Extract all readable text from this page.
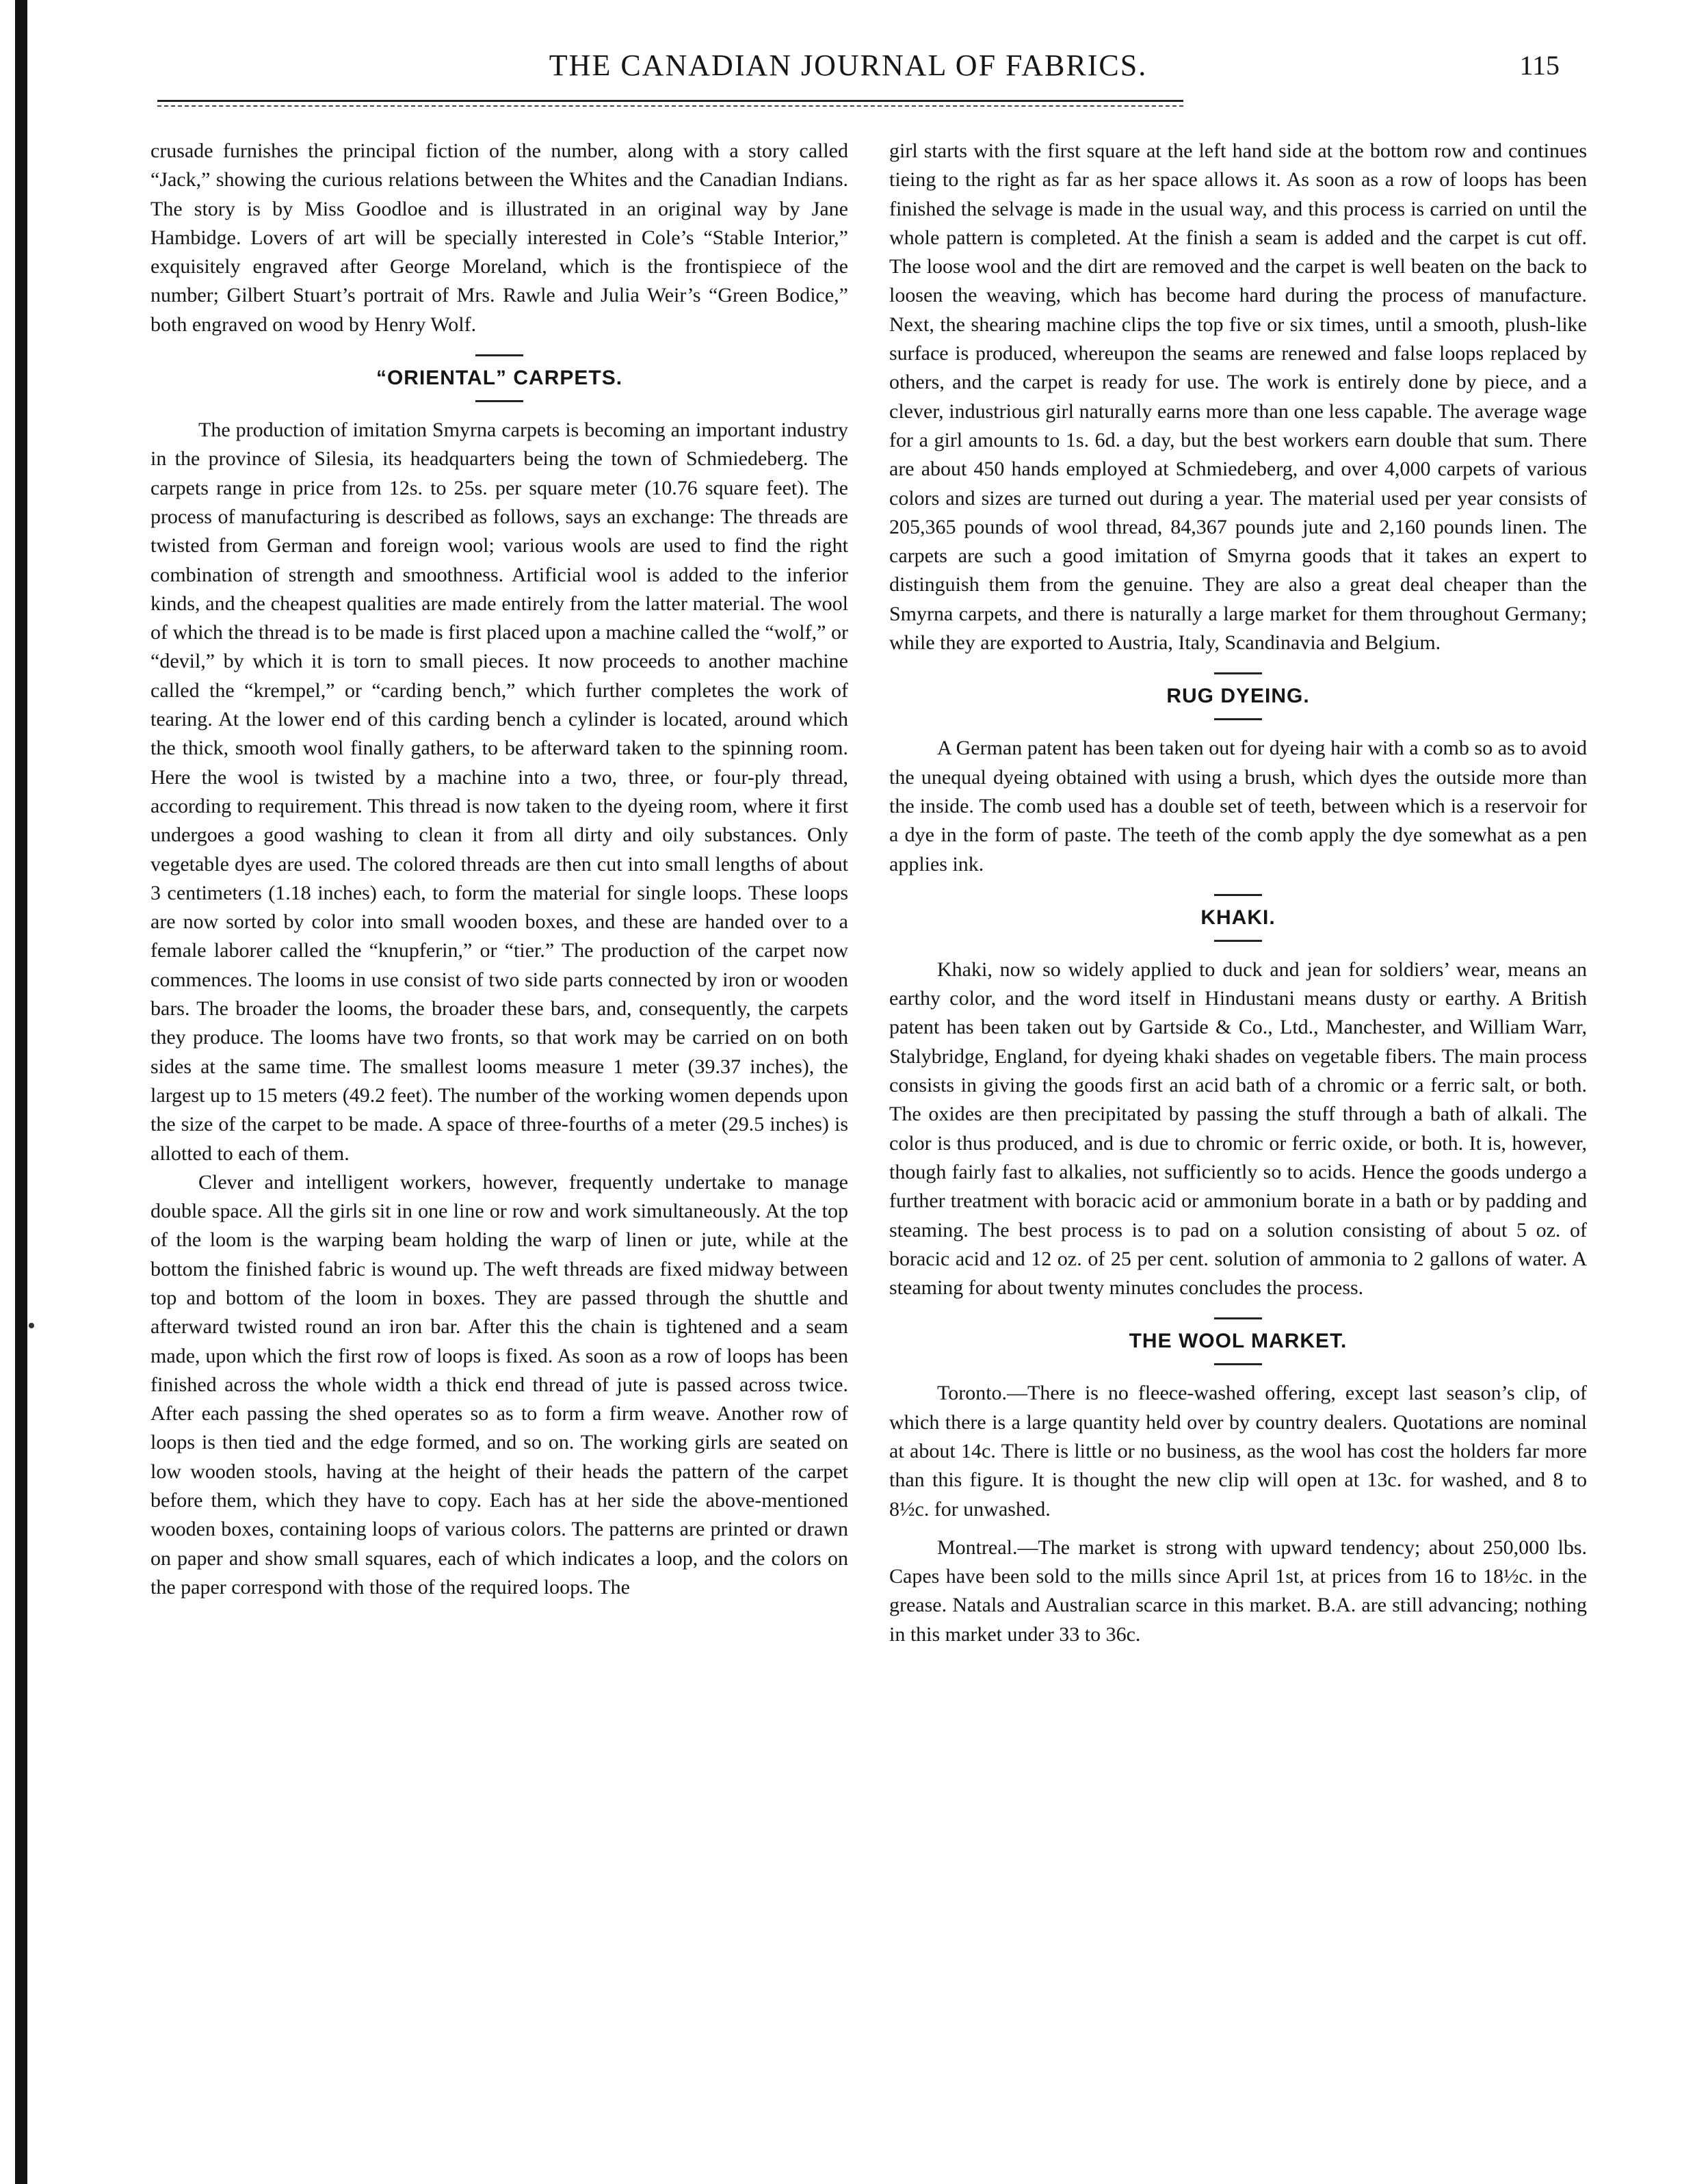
•
THE CANADIAN JOURNAL OF FABRICS.	115

crusade furnishes the principal fiction of the number, along with a story called “Jack,” showing the curious relations between the Whites and the Canadian Indians. The story is by Miss Goodloe and is illustrated in an original way by Jane Hambidge. Lovers of art will be specially interested in Cole’s “Stable Interior,” exquisitely engraved after George Moreland, which is the frontispiece of the number; Gilbert Stuart’s portrait of Mrs. Rawle and Julia Weir’s “Green Bodice,” both engraved on wood by Henry Wolf.

“ORIENTAL” CARPETS.

The production of imitation Smyrna carpets is becoming an important industry in the province of Silesia, its headquarters being the town of Schmiedeberg. The carpets range in price from 12s. to 25s. per square meter (10.76 square feet). The process of manufacturing is described as follows, says an exchange: The threads are twisted from German and foreign wool; various wools are used to find the right combination of strength and smoothness. Artificial wool is added to the inferior kinds, and the cheapest qualities are made entirely from the latter material. The wool of which the thread is to be made is first placed upon a machine called the “wolf,” or “devil,” by which it is torn to small pieces. It now proceeds to another machine called the “krempel,” or “carding bench,” which further completes the work of tearing. At the lower end of this carding bench a cylinder is located, around which the thick, smooth wool finally gathers, to be afterward taken to the spinning room. Here the wool is twisted by a machine into a two, three, or four-ply thread, according to requirement. This thread is now taken to the dyeing room, where it first undergoes a good washing to clean it from all dirty and oily substances. Only vegetable dyes are used. The colored threads are then cut into small lengths of about 3 centimeters (1.18 inches) each, to form the material for single loops. These loops are now sorted by color into small wooden boxes, and these are handed over to a female laborer called the “knupferin,” or “tier.” The production of the carpet now commences. The looms in use consist of two side parts connected by iron or wooden bars. The broader the looms, the broader these bars, and, consequently, the carpets they produce. The looms have two fronts, so that work may be carried on on both sides at the same time. The smallest looms measure 1 meter (39.37 inches), the largest up to 15 meters (49.2 feet). The number of the working women depends upon the size of the carpet to be made. A space of three-fourths of a meter (29.5 inches) is allotted to each of them.

Clever and intelligent workers, however, frequently undertake to manage double space. All the girls sit in one line or row and work simultaneously. At the top of the loom is the warping beam holding the warp of linen or jute, while at the bottom the finished fabric is wound up. The weft threads are fixed midway between top and bottom of the loom in boxes. They are passed through the shuttle and afterward twisted round an iron bar. After this the chain is tightened and a seam made, upon which the first row of loops is fixed. As soon as a row of loops has been finished across the whole width a thick end thread of jute is passed across twice. After each passing the shed operates so as to form a firm weave. Another row of loops is then tied and the edge formed, and so on. The working girls are seated on low wooden stools, having at the height of their heads the pattern of the carpet before them, which they have to copy. Each has at her side the above-mentioned wooden boxes, containing loops of various colors. The patterns are printed or drawn on paper and show small squares, each of which indicates a loop, and the colors on the paper correspond with those of the required loops. The

girl starts with the first square at the left hand side at the bottom row and continues tieing to the right as far as her space allows it. As soon as a row of loops has been finished the selvage is made in the usual way, and this process is carried on until the whole pattern is completed. At the finish a seam is added and the carpet is cut off. The loose wool and the dirt are removed and the carpet is well beaten on the back to loosen the weaving, which has become hard during the process of manufacture. Next, the shearing machine clips the top five or six times, until a smooth, plush-like surface is produced, whereupon the seams are renewed and false loops replaced by others, and the carpet is ready for use. The work is entirely done by piece, and a clever, industrious girl naturally earns more than one less capable. The average wage for a girl amounts to 1s. 6d. a day, but the best workers earn double that sum. There are about 450 hands employed at Schmiedeberg, and over 4,000 carpets of various colors and sizes are turned out during a year. The material used per year consists of 205,365 pounds of wool thread, 84,367 pounds jute and 2,160 pounds linen. The carpets are such a good imitation of Smyrna goods that it takes an expert to distinguish them from the genuine. They are also a great deal cheaper than the Smyrna carpets, and there is naturally a large market for them throughout Germany; while they are exported to Austria, Italy, Scandinavia and Belgium.

RUG DYEING.

A German patent has been taken out for dyeing hair with a comb so as to avoid the unequal dyeing obtained with using a brush, which dyes the outside more than the inside. The comb used has a double set of teeth, between which is a reservoir for a dye in the form of paste. The teeth of the comb apply the dye somewhat as a pen applies ink.

KHAKI.

Khaki, now so widely applied to duck and jean for soldiers’ wear, means an earthy color, and the word itself in Hindustani means dusty or earthy. A British patent has been taken out by Gartside & Co., Ltd., Manchester, and William Warr, Stalybridge, England, for dyeing khaki shades on vegetable fibers. The main process consists in giving the goods first an acid bath of a chromic or a ferric salt, or both. The oxides are then precipitated by passing the stuff through a bath of alkali. The color is thus produced, and is due to chromic or ferric oxide, or both. It is, however, though fairly fast to alkalies, not sufficiently so to acids. Hence the goods undergo a further treatment with boracic acid or ammonium borate in a bath or by padding and steaming. The best process is to pad on a solution consisting of about 5 oz. of boracic acid and 12 oz. of 25 per cent. solution of ammonia to 2 gallons of water. A steaming for about twenty minutes concludes the process.

THE WOOL MARKET.

Toronto.—There is no fleece-washed offering, except last season’s clip, of which there is a large quantity held over by country dealers. Quotations are nominal at about 14c. There is little or no business, as the wool has cost the holders far more than this figure. It is thought the new clip will open at 13c. for washed, and 8 to 8½c. for unwashed.

Montreal.—The market is strong with upward tendency; about 250,000 lbs. Capes have been sold to the mills since April 1st, at prices from 16 to 18½c. in the grease. Natals and Australian scarce in this market. B.A. are still advancing; nothing in this market under 33 to 36c.
